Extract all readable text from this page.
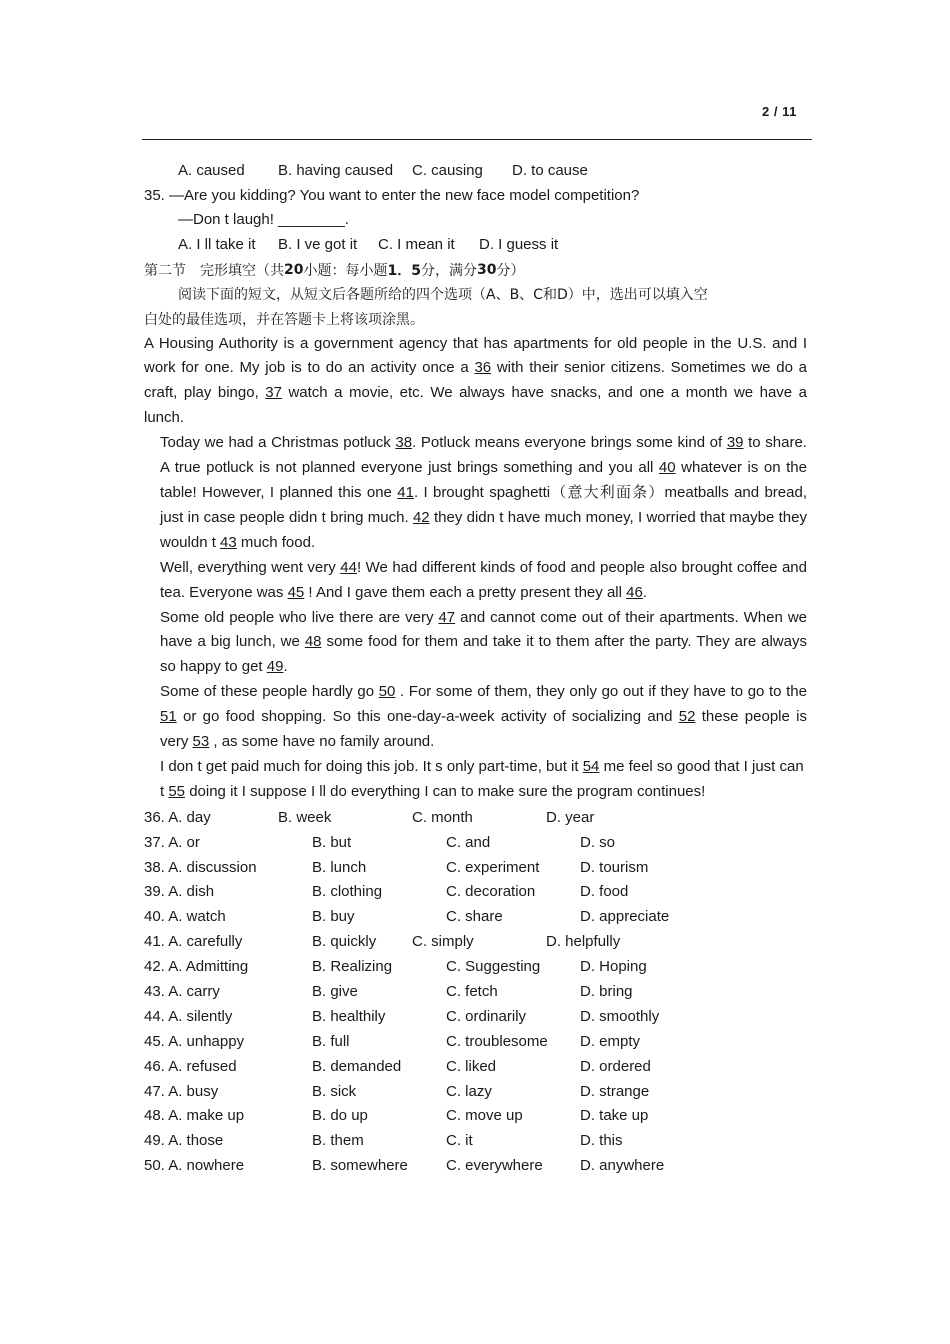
2 / 11
A. caused	B. having caused	C. causing	D. to cause
35. —Are you kidding? You want to enter the new face model competition?
—Don t laugh! ________.
A. I ll take it	B. I ve got it	C. I mean it	D. I guess it
第二节　完形填空（共 20 小题：每小题 1．5 分，满分 30 分）
阅读下面的短文，从短文后各题所给的四个选项（A、B、C和D）中，选出可以填入空
白处的最佳选项，并在答题卡上将该项涂黑。

A Housing Authority is a government agency that has apartments for old people in the U.S. and I work for one. My job is to do an activity once a 36 with their senior citizens. Sometimes we do a craft, play bingo, 37 watch a movie, etc. We always have snacks, and one a month we have a lunch.

Today we had a Christmas potluck 38. Potluck means everyone brings some kind of 39 to share. A true potluck is not planned everyone just brings something and you all 40 whatever is on the table! However, I planned this one 41. I brought spaghetti（意大利面条）meatballs and bread, just in case people didn t bring much. 42 they didn t have much money, I worried that maybe they wouldn t 43 much food.

Well, everything went very 44! We had different kinds of food and people also brought coffee and tea. Everyone was 45 ! And I gave them each a pretty present they all 46.

Some old people who live there are very 47 and cannot come out of their apartments. When we have a big lunch, we 48 some food for them and take it to them after the party. They are always so happy to get 49.

Some of these people hardly go 50 . For some of them, they only go out if they have to go to the 51 or go food shopping. So this one-day-a-week activity of socializing and 52 these people is very 53 , as some have no family around.

I don t get paid much for doing this job. It s only part-time, but it 54 me feel so good that I just can t 55 doing it I suppose I ll do everything I can to make sure the program continues!

36. A. day	B. week	C. month	D. year
37. A. or	B. but	C. and	D. so
38. A. discussion	B. lunch	C. experiment	D. tourism
39. A. dish	B. clothing	C. decoration	D. food
40. A. watch	B. buy	C. share	D. appreciate
41. A. carefully	B. quickly	C. simply	D. helpfully
42. A. Admitting	B. Realizing	C. Suggesting	D. Hoping
43. A. carry	B. give	C. fetch	D. bring
44. A. silently	B. healthily	C. ordinarily	D. smoothly
45. A. unhappy	B. full	C. troublesome	D. empty
46. A. refused	B. demanded	C. liked	D. ordered
47. A. busy	B. sick	C. lazy	D. strange
48. A. make up	B. do up	C. move up	D. take up
49. A. those	B. them	C. it	D. this
50. A. nowhere	B. somewhere	C. everywhere	D. anywhere
